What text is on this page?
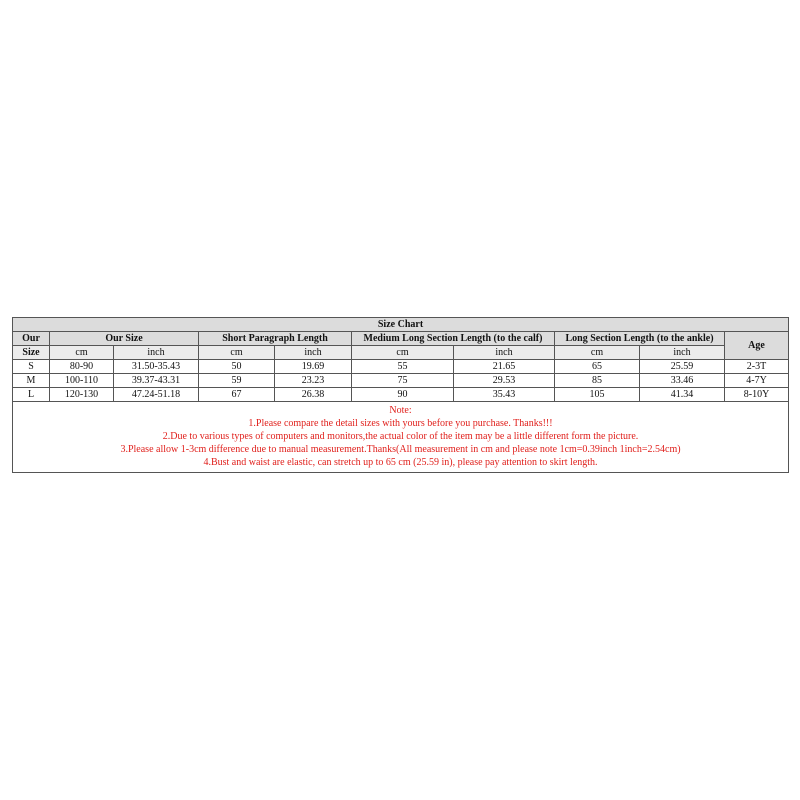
Size Chart									
Our	Our Size		Short Paragraph Length		Medium Long Section Length (to the calf)		Long Section Length (to the ankle)		Age
Size	cm	inch	cm	inch	cm	inch	cm	inch	
S	80-90	31.50-35.43	50	19.69	55	21.65	65	25.59	2-3T
M	100-110	39.37-43.31	59	23.23	75	29.53	85	33.46	4-7Y
L	120-130	47.24-51.18	67	26.38	90	35.43	105	41.34	8-10Y

Note:
1.Please compare the detail sizes with yours before you purchase. Thanks!!!
2.Due to various types of computers and monitors,the actual color of the item may be a little different form the picture.
3.Please allow 1-3cm difference due to manual measurement.Thanks(All measurement in cm and please note 1cm=0.39inch 1inch=2.54cm)
4.Bust and waist are elastic, can stretch up to 65 cm (25.59 in), please pay attention to skirt length.									
